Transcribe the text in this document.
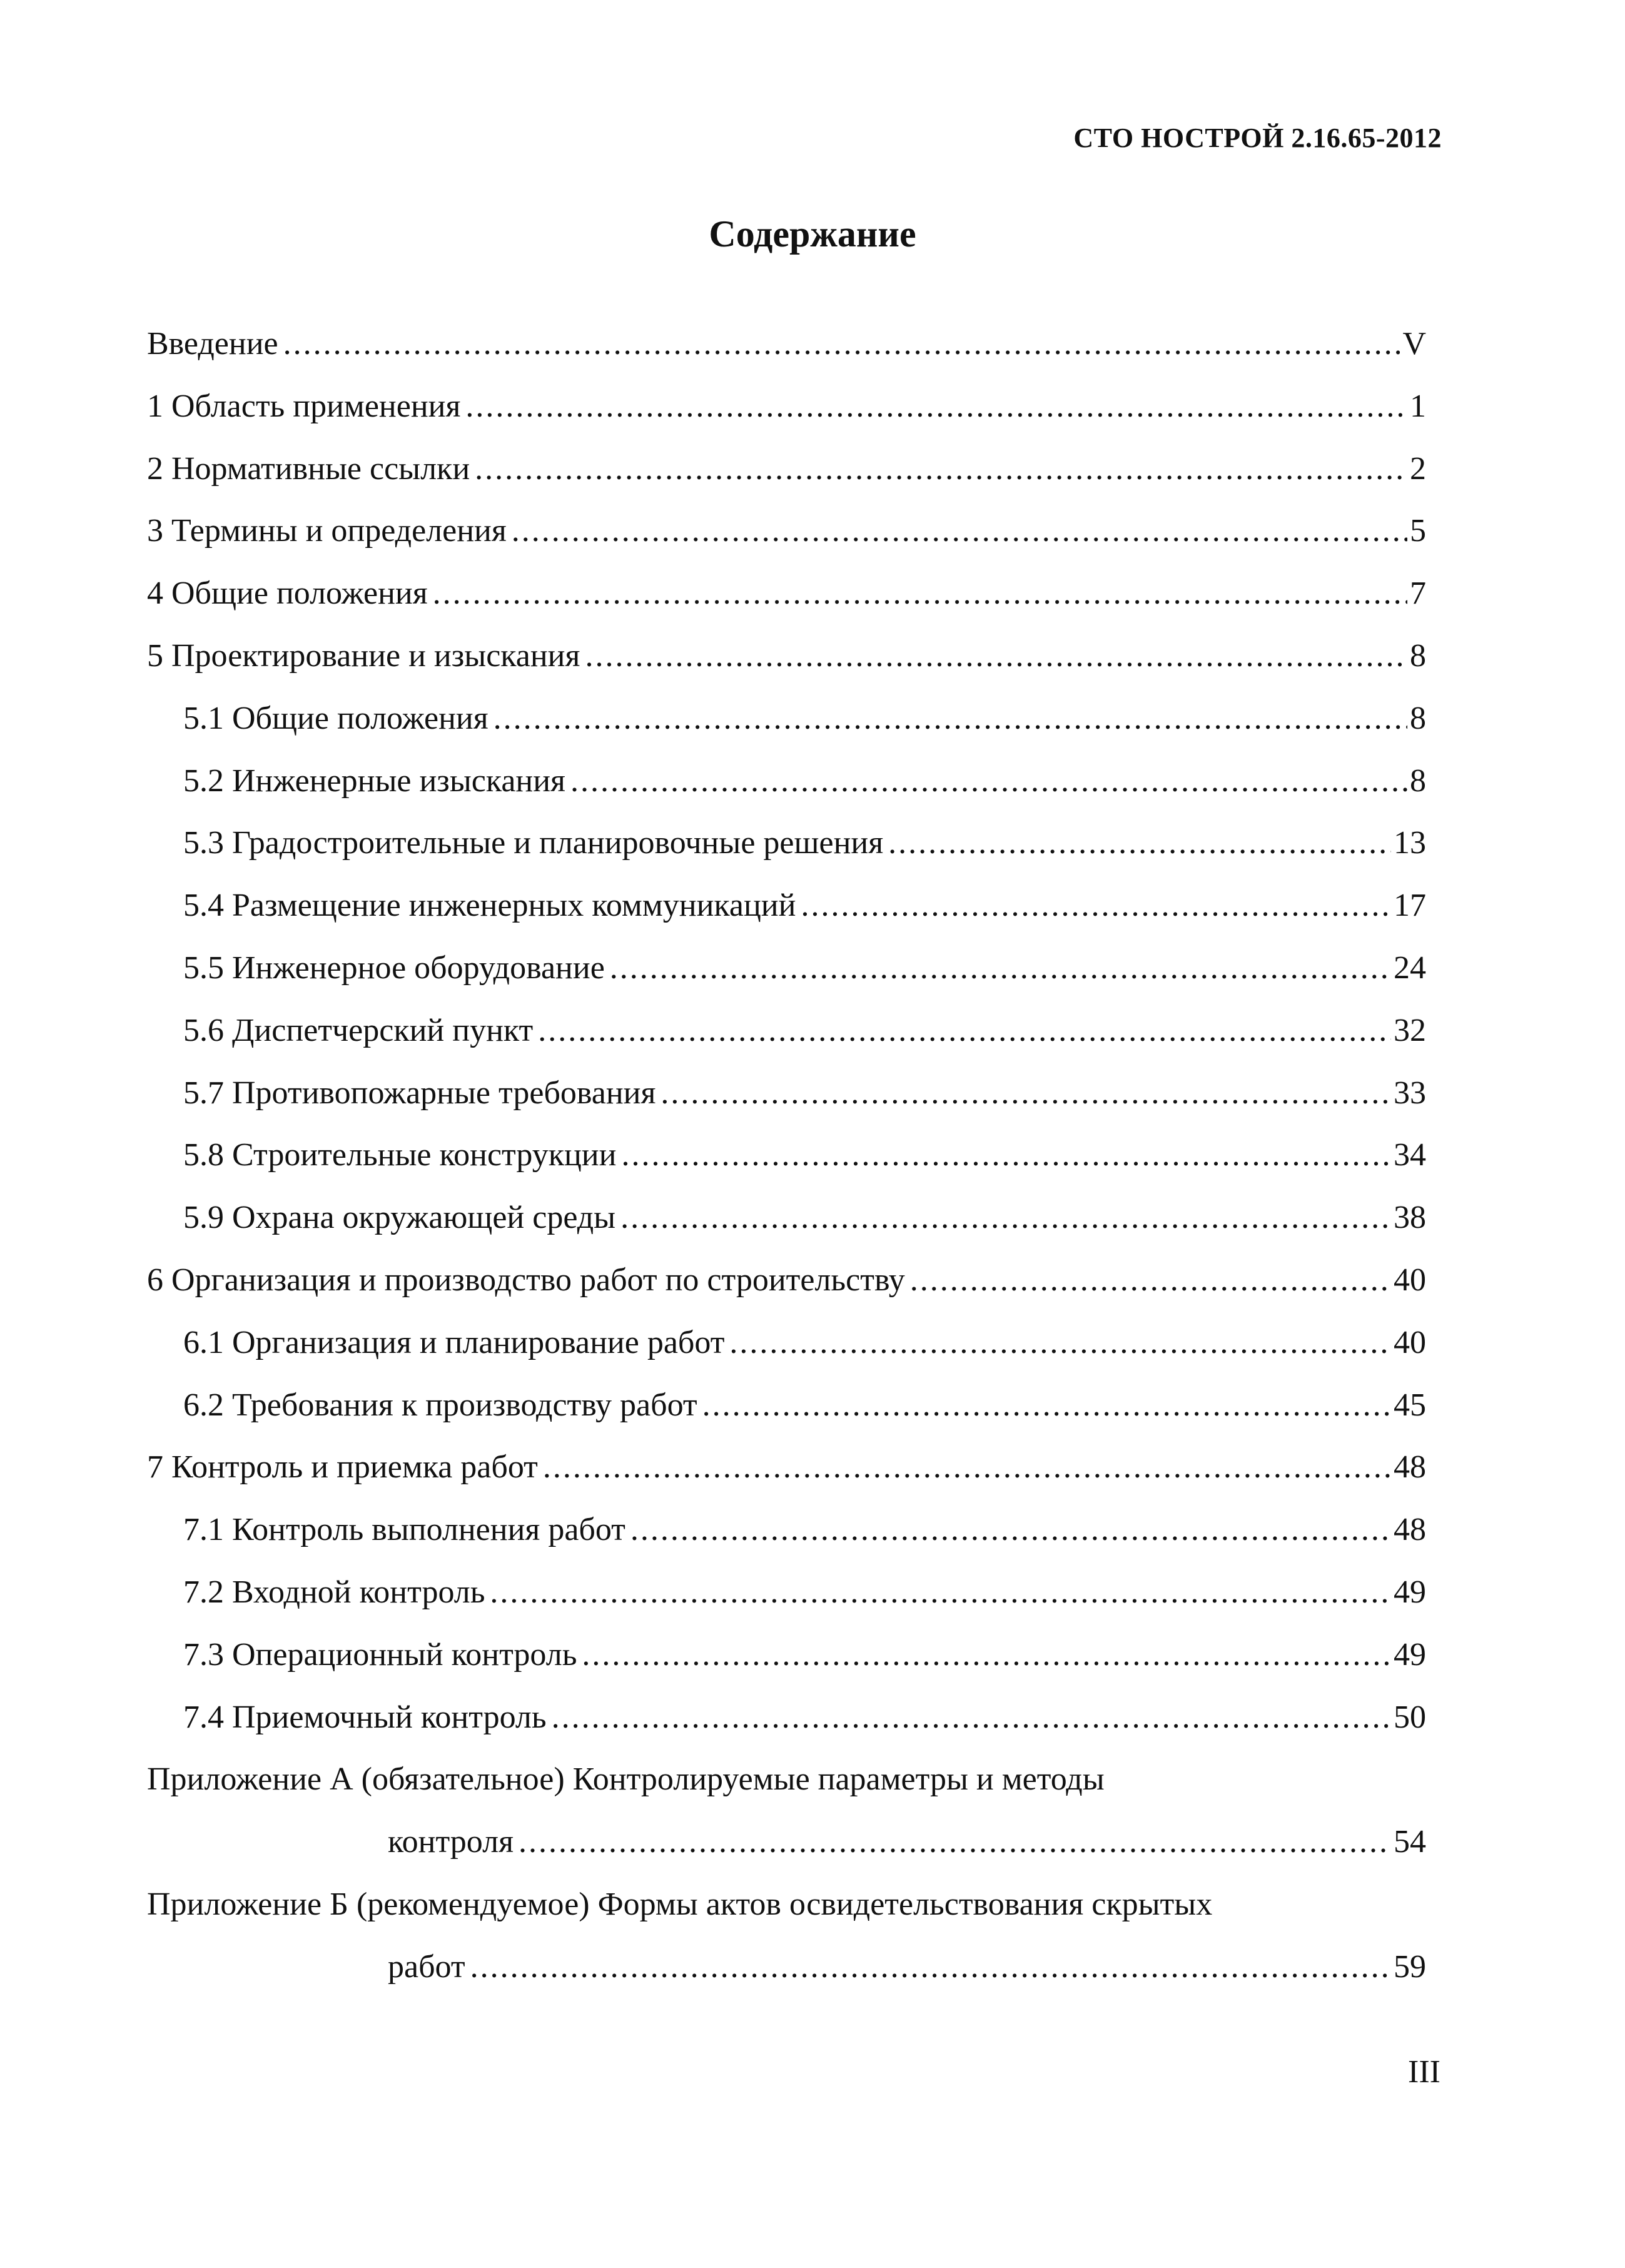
СТО НОСТРОЙ 2.16.65-2012
Содержание
Введение .....	V
1 Область применения .....	1
2 Нормативные ссылки .....	2
3 Термины и определения .....	5
4 Общие положения .....	7
5 Проектирование и изыскания .....	8
5.1 Общие положения .....	8
5.2 Инженерные изыскания .....	8
5.3 Градостроительные и планировочные решения .....	13
5.4 Размещение инженерных коммуникаций .....	17
5.5 Инженерное оборудование .....	24
5.6 Диспетчерский пункт .....	32
5.7 Противопожарные требования .....	33
5.8 Строительные конструкции .....	34
5.9 Охрана окружающей среды .....	38
6 Организация и производство работ по строительству .....	40
6.1 Организация и планирование работ .....	40
6.2 Требования к производству работ .....	45
7 Контроль и приемка работ .....	48
7.1 Контроль выполнения работ .....	48
7.2 Входной контроль .....	49
7.3 Операционный контроль .....	49
7.4 Приемочный контроль .....	50
Приложение А (обязательное) Контролируемые параметры и методы
контроля .....	54
Приложение Б (рекомендуемое) Формы актов освидетельствования скрытых
работ .....	59
III
